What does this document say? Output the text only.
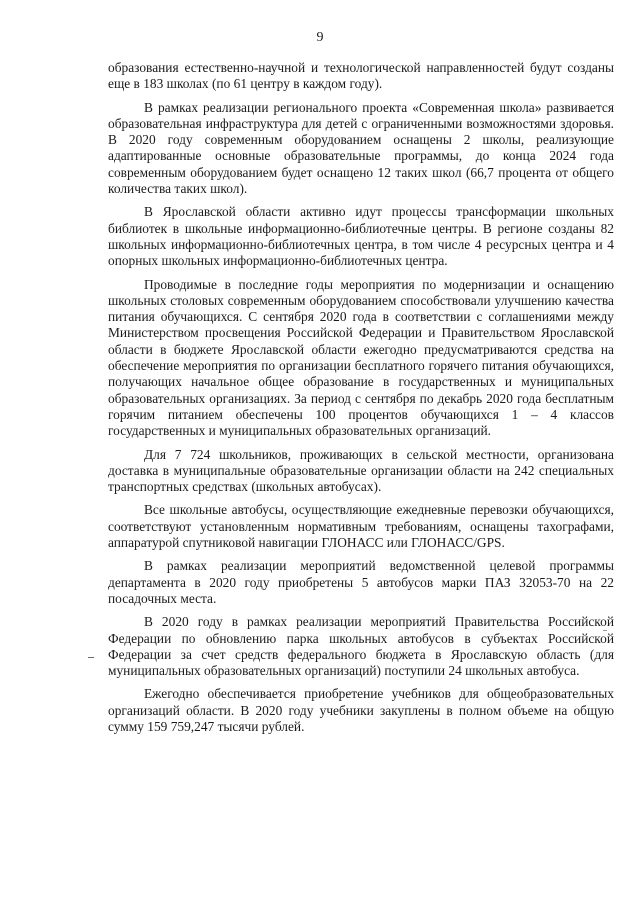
9

образования естественно-научной и технологической направленностей будут созданы еще в 183 школах (по 61 центру в каждом году).

В рамках реализации регионального проекта «Современная школа» развивается образовательная инфраструктура для детей с ограниченными возможностями здоровья. В 2020 году современным оборудованием оснащены 2 школы, реализующие адаптированные основные образовательные программы, до конца 2024 года современным оборудованием будет оснащено 12 таких школ (66,7 процента от общего количества таких школ).

В Ярославской области активно идут процессы трансформации школьных библиотек в школьные информационно-библиотечные центры. В регионе созданы 82 школьных информационно-библиотечных центра, в том числе 4 ресурсных центра и 4 опорных школьных информационно-библиотечных центра.

Проводимые в последние годы мероприятия по модернизации и оснащению школьных столовых современным оборудованием способствовали улучшению качества питания обучающихся. С сентября 2020 года в соответствии с соглашениями между Министерством просвещения Российской Федерации и Правительством Ярославской области в бюджете Ярославской области ежегодно предусматриваются средства на обеспечение мероприятия по организации бесплатного горячего питания обучающихся, получающих начальное общее образование в государственных и муниципальных образовательных организациях. За период с сентября по декабрь 2020 года бесплатным горячим питанием обеспечены 100 процентов обучающихся 1 – 4 классов государственных и муниципальных образовательных организаций.

Для 7 724 школьников, проживающих в сельской местности, организована доставка в муниципальные образовательные организации области на 242 специальных транспортных средствах (школьных автобусах).

Все школьные автобусы, осуществляющие ежедневные перевозки обучающихся, соответствуют установленным нормативным требованиям, оснащены тахографами, аппаратурой спутниковой навигации ГЛОНАСС или ГЛОНАСС/GPS.

В рамках реализации мероприятий ведомственной целевой программы департамента в 2020 году приобретены 5 автобусов марки ПАЗ 32053-70 на 22 посадочных места.

В 2020 году в рамках реализации мероприятий Правительства Российской Федерации по обновлению парка школьных автобусов в субъектах Российской Федерации за счет средств федерального бюджета в Ярославскую область (для муниципальных образовательных организаций) поступили 24 школьных автобуса.

Ежегодно обеспечивается приобретение учебников для общеобразовательных организаций области. В 2020 году учебники закуплены в полном объеме на общую сумму 159 759,247 тысячи рублей.
